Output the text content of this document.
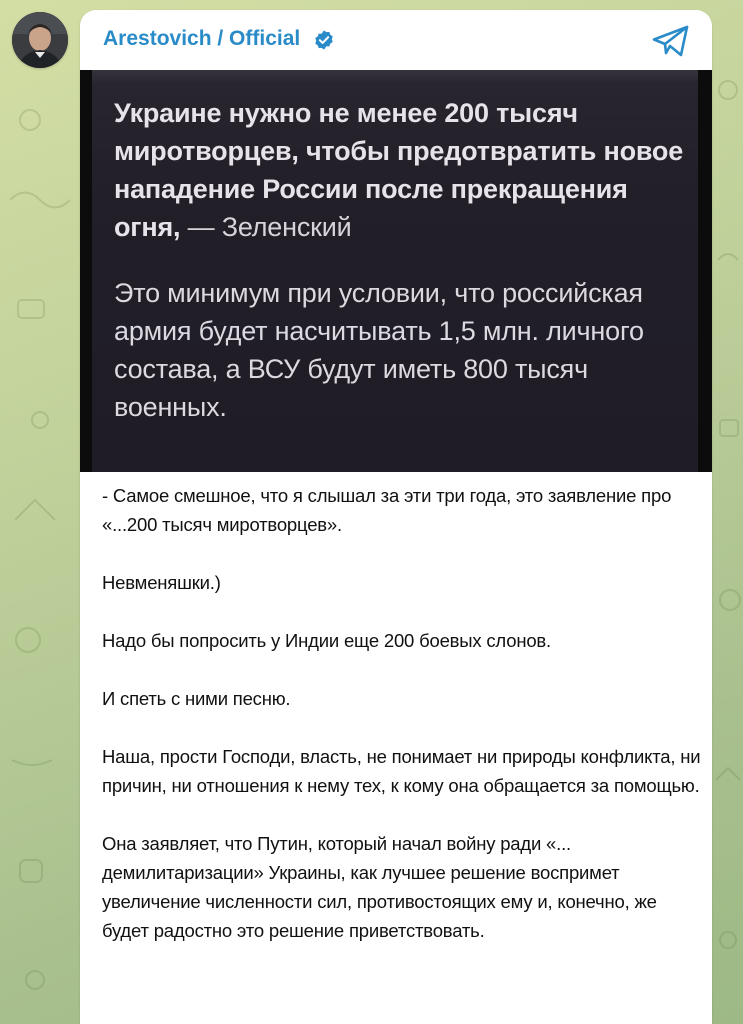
Arestovich / Official
Украине нужно не менее 200 тысяч миротворцев, чтобы предотвратить новое нападение России после прекращения огня, — Зеленский
Это минимум при условии, что российская армия будет насчитывать 1,5 млн. личного состава, а ВСУ будут иметь 800 тысяч военных.

- Самое смешное, что я слышал за эти три года, это заявление про «...200 тысяч миротворцев».

Невменяшки.)

Надо бы попросить у Индии еще 200 боевых слонов.

И спеть с ними песню.

Наша, прости Господи, власть, не понимает ни природы конфликта, ни причин, ни отношения к нему тех, к кому она обращается за помощью.

Она заявляет, что Путин, который начал войну ради «... демилитаризации» Украины, как лучшее решение воспримет увеличение численности сил, противостоящих ему и, конечно, же будет радостно это решение приветствовать.
